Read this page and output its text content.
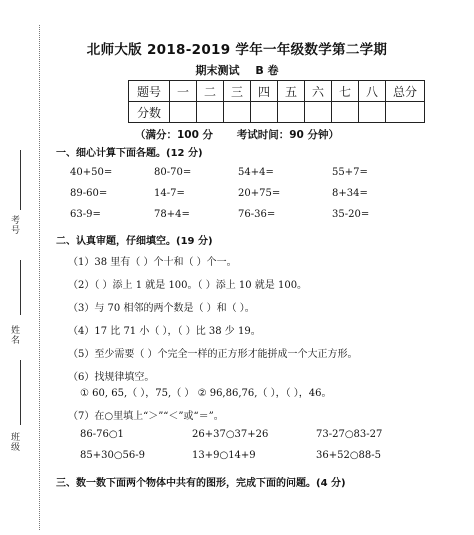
考号
姓名
班级
北师大版 2018-2019 学年一年级数学第二学期
期末测试 B 卷
题号	一	二	三	四	五	六	七	八	总分
分数									
（满分：100 分 考试时间：90 分钟）
一、细心计算下面各题。(12 分)
40+50=	80-70=	54+4=	55+7=
89-60=	14-7=	20+75=	8+34=
63-9=	78+4=	76-36=	35-20=
二、认真审题，仔细填空。(19 分)
（1）38 里有（ ）个十和（ ）个一。
（2）（ ）添上 1 就是 100。（ ）添上 10 就是 100。
（3）与 70 相邻的两个数是（ ）和（ ）。
（4）17 比 71 小（ ），（ ）比 38 少 19。
（5）至少需要（ ）个完全一样的正方形才能拼成一个大正方形。
（6）找规律填空。
① 60, 65,（ ），75,（ ） ② 96,86,76,（ ），（ ），46。
（7）在○里填上“＞”“＜”或“＝”。
86-76○1	26+37○37+26	73-27○83-27
85+30○56-9	13+9○14+9	36+52○88-5
三、数一数下面两个物体中共有的图形，完成下面的问题。(4 分)
